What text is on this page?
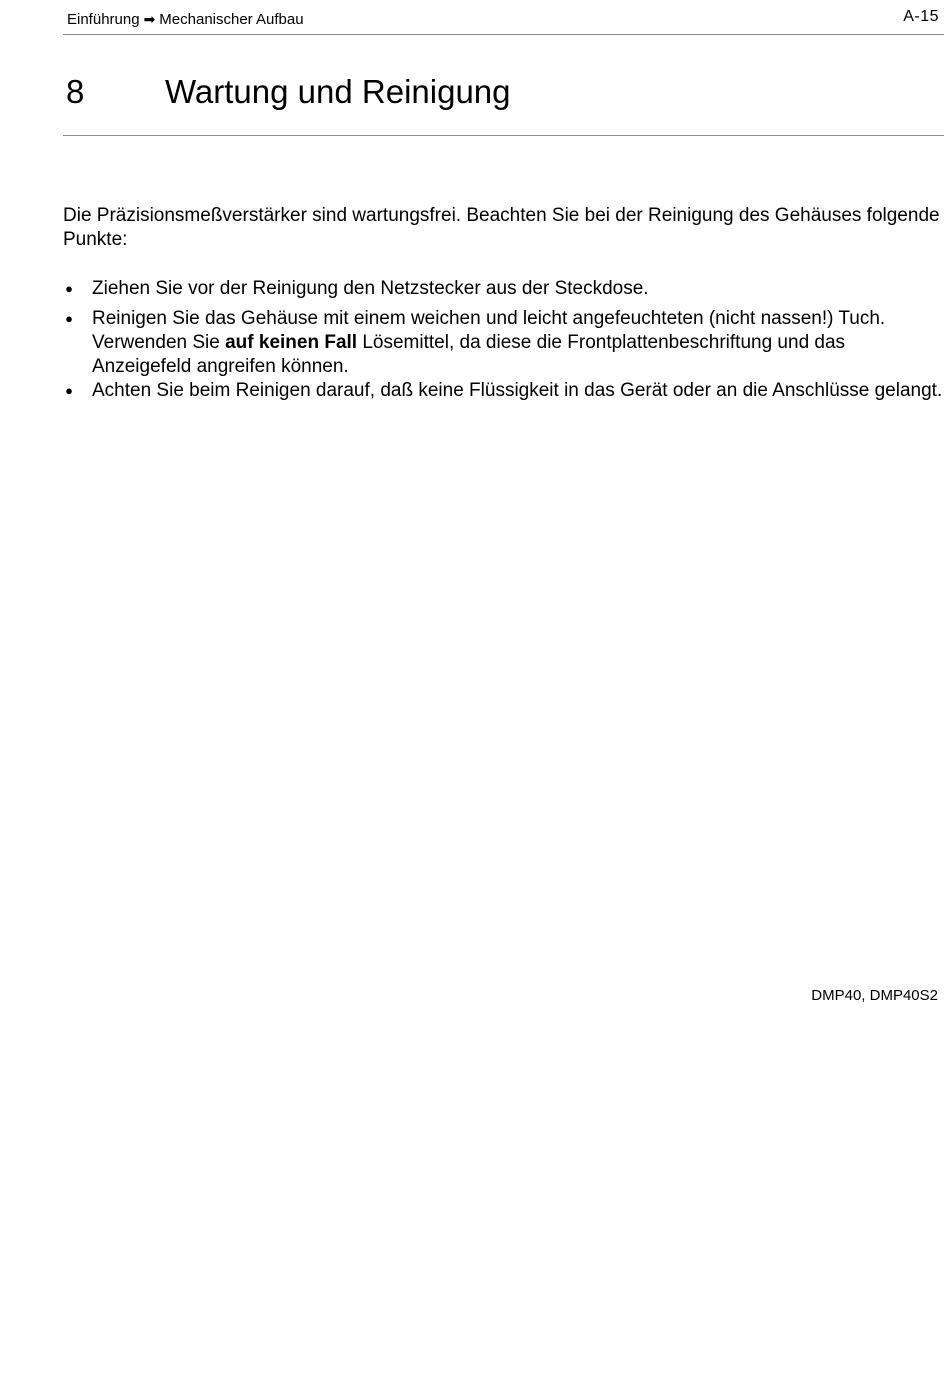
Einführung ➡ Mechanischer Aufbau	A-15
8 Wartung und Reinigung

Die Präzisionsmeßverstärker sind wartungsfrei. Beachten Sie bei der Reinigung des Gehäuses folgende Punkte:

● Ziehen Sie vor der Reinigung den Netzstecker aus der Steckdose.
● Reinigen Sie das Gehäuse mit einem weichen und leicht angefeuchteten (nicht nassen!) Tuch. Verwenden Sie auf keinen Fall Lösemittel, da diese die Frontplattenbeschriftung und das Anzeigefeld angreifen können.
● Achten Sie beim Reinigen darauf, daß keine Flüssigkeit in das Gerät oder an die Anschlüsse gelangt.
DMP40, DMP40S2
